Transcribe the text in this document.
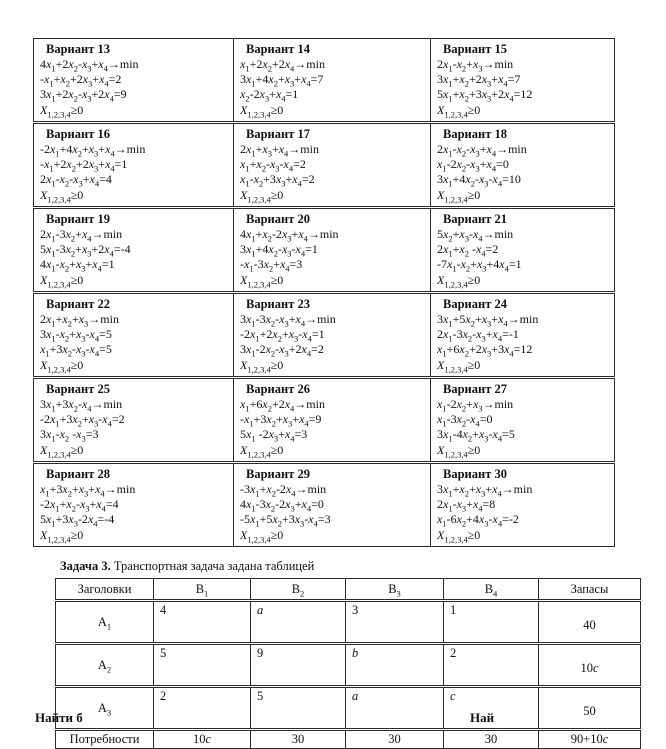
Вариант 13
$4x_1+2x_2-x_3+x_4\to\min$
$-x_1+x_2+2x_3+x_4=2$
$3x_1+2x_2-x_3+2x_4=9$
$X_{1,2,3,4}\ge 0$

Вариант 14
$x_1+2x_2+2x_4\to\min$
$3x_1+4x_2+x_3+x_4=7$
$x_2-2x_3+x_4=1$
$X_{1,2,3,4}\ge 0$

Вариант 15
$2x_1-x_2+x_3\to\min$
$3x_1+x_2+2x_3+x_4=7$
$5x_1+x_2+3x_3+2x_4=12$
$X_{1,2,3,4}\ge 0$

Вариант 16
$-2x_1+4x_2+x_3+x_4\to\min$
$-x_1+2x_2+2x_3+x_4=1$
$2x_1-x_2-x_3+x_4=4$
$X_{1,2,3,4}\ge 0$

Вариант 17
$2x_1+x_3+x_4\to\min$
$x_1+x_2-x_3-x_4=2$
$x_1-x_2+3x_3+x_4=2$
$X_{1,2,3,4}\ge 0$

Вариант 18
$2x_1-x_2-x_3+x_4\to\min$
$x_1-2x_2-x_3+x_4=0$
$3x_1+4x_2-x_3-x_4=10$
$X_{1,2,3,4}\ge 0$

Вариант 19
$2x_1-3x_2+x_4\to\min$
$5x_1-3x_2+x_3+2x_4=-4$
$4x_1-x_2+x_3+x_4=1$
$X_{1,2,3,4}\ge 0$

Вариант 20
$4x_1+x_2-2x_3+x_4\to\min$
$3x_1+4x_2-x_3-x_4=1$
$-x_1-3x_2+x_4=3$
$X_{1,2,3,4}\ge 0$

Вариант 21
$5x_2+x_3-x_4\to\min$
$2x_1+x_2$ $-x_4=2$
$-7x_1-x_2+x_3+4x_4=1$
$X_{1,2,3,4}\ge 0$

Вариант 22
$2x_1+x_2+x_3\to\min$
$3x_1-x_2+x_3-x_4=5$
$x_1+3x_2-x_3-x_4=5$
$X_{1,2,3,4}\ge 0$

Вариант 23
$3x_1-3x_2-x_3+x_4\to\min$
$-2x_1+2x_2+x_3-x_4=1$
$3x_1-2x_2-x_3+2x_4=2$
$X_{1,2,3,4}\ge 0$

Вариант 24
$3x_1+5x_2+x_3+x_4\to\min$
$2x_1-3x_2-x_3+x_4=-1$
$x_1+6x_2+2x_3+3x_4=12$
$X_{1,2,3,4}\ge 0$

Вариант 25
$3x_1+3x_2-x_4\to\min$
$-2x_1+3x_2+x_3-x_4=2$
$3x_1-x_2$ $-x_3=3$
$X_{1,2,3,4}\ge 0$

Вариант 26
$x_1+6x_2+2x_4\to\min$
$-x_1+3x_2+x_3+x_4=9$
$5x_1$ $-2x_3+x_4=3$
$X_{1,2,3,4}\ge 0$

Вариант 27
$x_1-2x_2+x_3\to\min$
$x_1-3x_2-x_4=0$
$3x_1-4x_2+x_3-x_4=5$
$X_{1,2,3,4}\ge 0$

Вариант 28
$x_1+3x_2+x_3+x_4\to\min$
$-2x_1+x_2-x_3+x_4=4$
$5x_1+3x_3-2x_4=-4$
$X_{1,2,3,4}\ge 0$

Вариант 29
$-3x_1+x_2-2x_4\to\min$
$4x_1-3x_2-2x_3+x_4=0$
$-5x_1+5x_2+3x_3-x_4=3$
$X_{1,2,3,4}\ge 0$

Вариант 30
$3x_1+x_2+x_3+x_4\to\min$
$2x_1-x_3+x_4=8$
$x_1-6x_2+4x_3-x_4=-2$
$X_{1,2,3,4}\ge 0$

Задача 3. Транспортная задача задана таблицей

Заголовки	$B_1$	$B_2$	$B_3$	$B_4$	Запасы
$A_1$	4	a	3	1	40
$A_2$	5	9	b	2	10c
$A_3$	2	5	a	c	50
Потребности	10c	30	30	30	90+10c
Найти б	Най
